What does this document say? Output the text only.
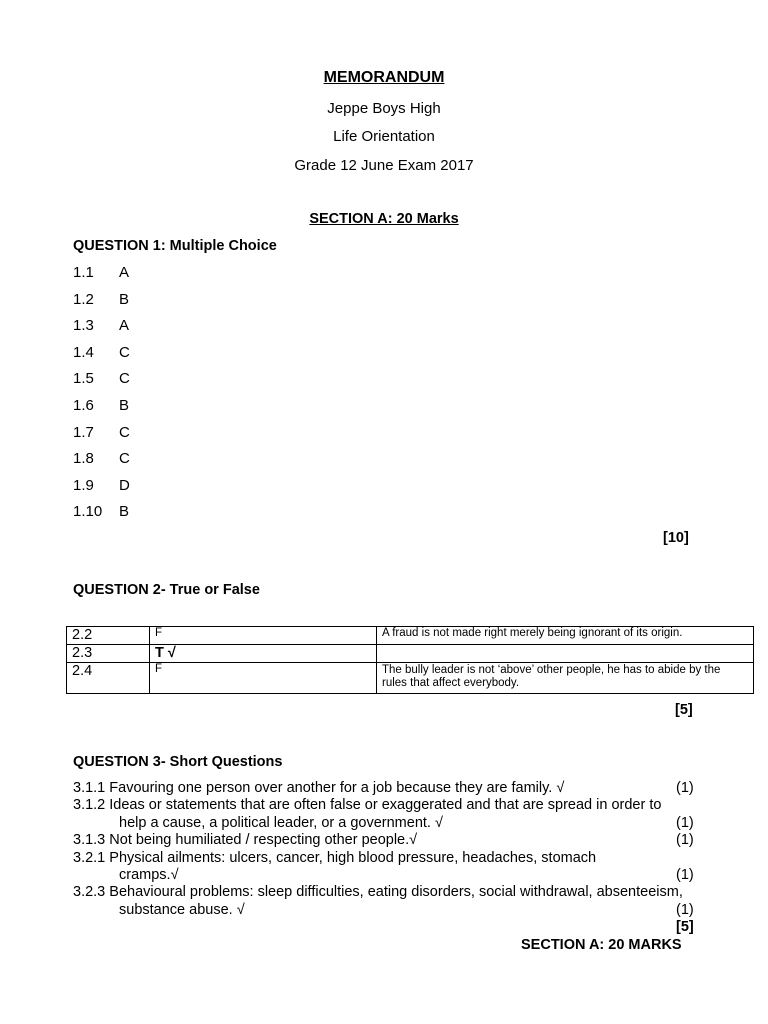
MEMORANDUM
Jeppe Boys High
Life Orientation
Grade 12 June Exam 2017
SECTION A: 20 Marks
QUESTION 1: Multiple Choice
1.1 A
1.2 B
1.3 A
1.4 C
1.5 C
1.6 B
1.7 C
1.8 C
1.9 D
1.10 B
[10]
QUESTION 2- True or False
2.2	F	A fraud is not made right merely being ignorant of its origin.
2.3	T √	
2.4	F	The bully leader is not ‘above’ other people, he has to abide by the rules that affect everybody.
[5]
QUESTION 3- Short Questions
3.1.1 Favouring one person over another for a job because they are family. √	(1)
3.1.2 Ideas or statements that are often false or exaggerated and that are spread in order to
help a cause, a political leader, or a government. √	(1)
3.1.3 Not being humiliated / respecting other people.√	(1)
3.2.1 Physical ailments: ulcers, cancer, high blood pressure, headaches, stomach
cramps.√	(1)
3.2.3 Behavioural problems: sleep difficulties, eating disorders, social withdrawal, absenteeism,
substance abuse. √	(1)
[5]
SECTION A: 20 MARKS
